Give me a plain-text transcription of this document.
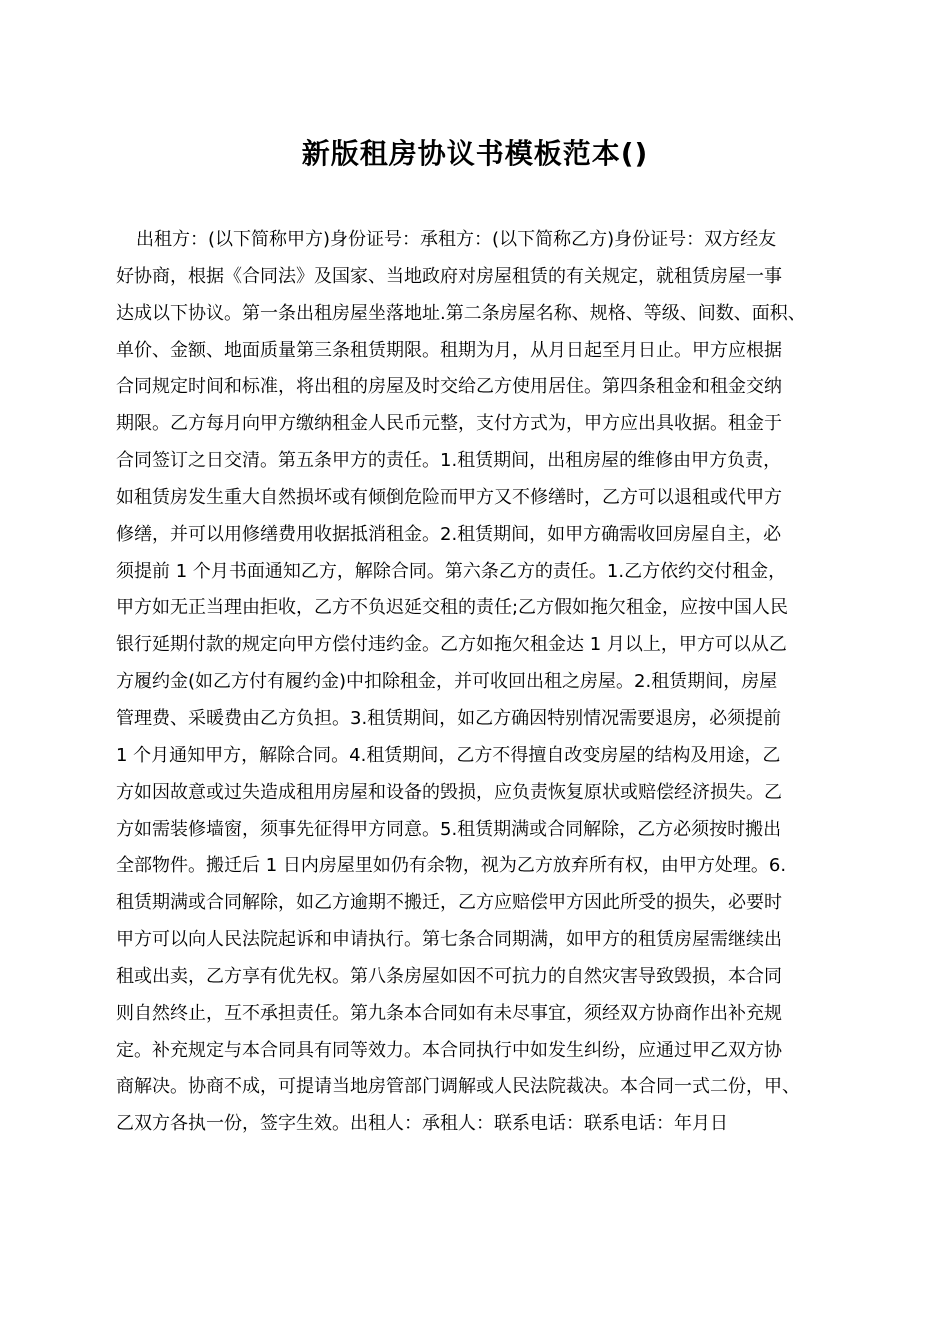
新版租房协议书模板范本()
出租方：(以下简称甲方)身份证号：承租方：(以下简称乙方)身份证号：双方经友
好协商，根据《合同法》及国家、当地政府对房屋租赁的有关规定，就租赁房屋一事
达成以下协议。第一条出租房屋坐落地址.第二条房屋名称、规格、等级、间数、面积、
单价、金额、地面质量第三条租赁期限。租期为月，从月日起至月日止。甲方应根据
合同规定时间和标准，将出租的房屋及时交给乙方使用居住。第四条租金和租金交纳
期限。乙方每月向甲方缴纳租金人民币元整，支付方式为，甲方应出具收据。租金于
合同签订之日交清。第五条甲方的责任。1.租赁期间，出租房屋的维修由甲方负责，
如租赁房发生重大自然损坏或有倾倒危险而甲方又不修缮时，乙方可以退租或代甲方
修缮，并可以用修缮费用收据抵消租金。2.租赁期间，如甲方确需收回房屋自主，必
须提前 1 个月书面通知乙方，解除合同。第六条乙方的责任。1.乙方依约交付租金，
甲方如无正当理由拒收，乙方不负迟延交租的责任;乙方假如拖欠租金，应按中国人民
银行延期付款的规定向甲方偿付违约金。乙方如拖欠租金达 1 月以上，甲方可以从乙
方履约金(如乙方付有履约金)中扣除租金，并可收回出租之房屋。2.租赁期间，房屋
管理费、采暖费由乙方负担。3.租赁期间，如乙方确因特别情况需要退房，必须提前
1 个月通知甲方，解除合同。4.租赁期间，乙方不得擅自改变房屋的结构及用途，乙
方如因故意或过失造成租用房屋和设备的毁损，应负责恢复原状或赔偿经济损失。乙
方如需装修墙窗，须事先征得甲方同意。5.租赁期满或合同解除，乙方必须按时搬出
全部物件。搬迁后 1 日内房屋里如仍有余物，视为乙方放弃所有权，由甲方处理。6.
租赁期满或合同解除，如乙方逾期不搬迁，乙方应赔偿甲方因此所受的损失，必要时
甲方可以向人民法院起诉和申请执行。第七条合同期满，如甲方的租赁房屋需继续出
租或出卖，乙方享有优先权。第八条房屋如因不可抗力的自然灾害导致毁损，本合同
则自然终止，互不承担责任。第九条本合同如有未尽事宜，须经双方协商作出补充规
定。补充规定与本合同具有同等效力。本合同执行中如发生纠纷，应通过甲乙双方协
商解决。协商不成，可提请当地房管部门调解或人民法院裁决。本合同一式二份，甲、
乙双方各执一份，签字生效。出租人：承租人：联系电话：联系电话：年月日
